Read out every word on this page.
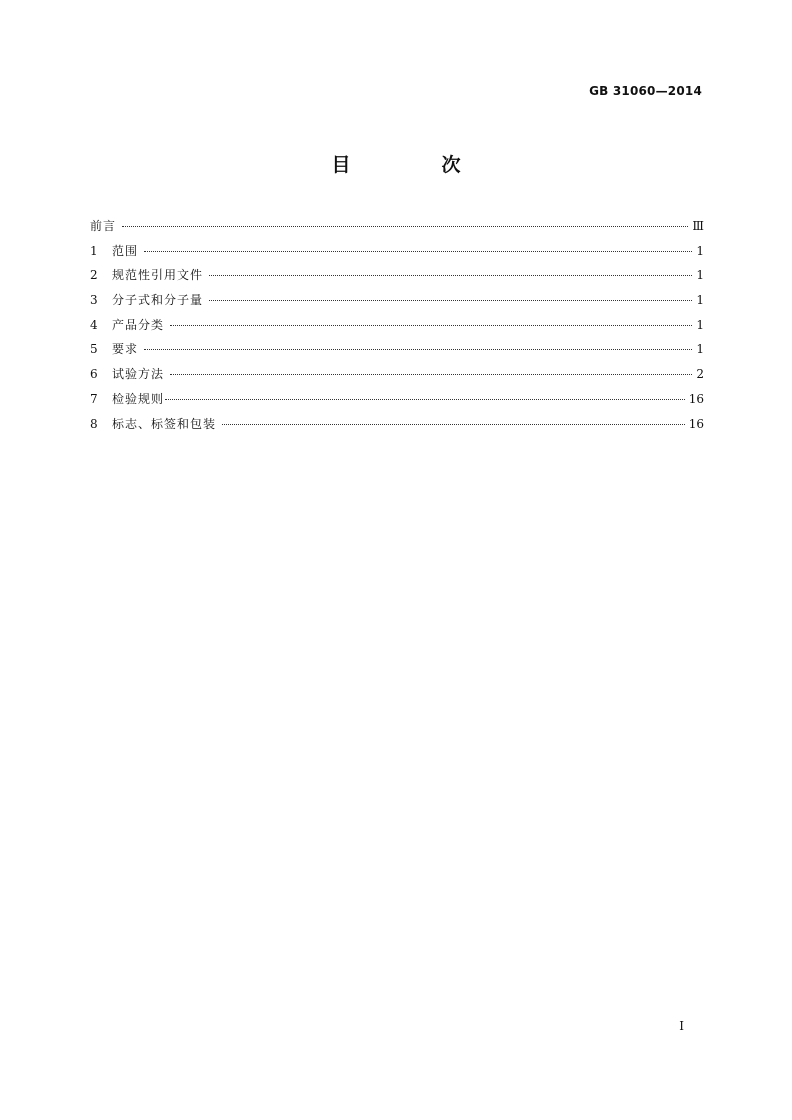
GB 31060—2014
目　次
前言	Ⅲ
1	范围	1
2	规范性引用文件	1
3	分子式和分子量	1
4	产品分类	1
5	要求	1
6	试验方法	2
7	检验规则	16
8	标志、标签和包装	16
Ⅰ
